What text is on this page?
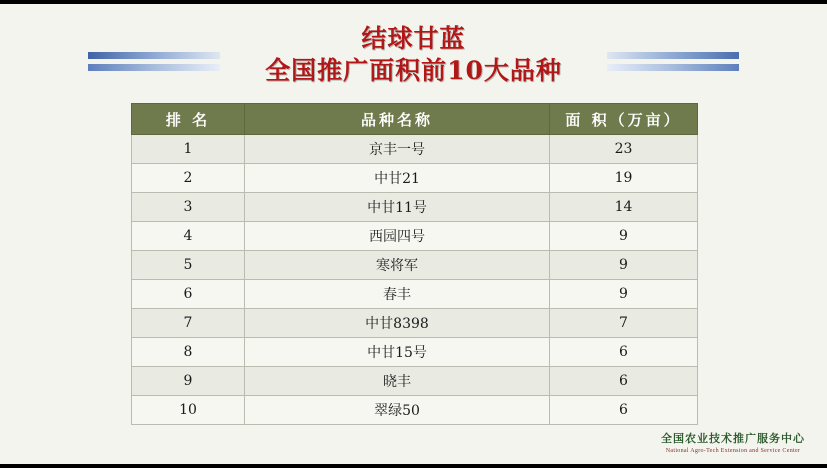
结球甘蓝
全国推广面积前10大品种
排 名	品种名称	面 积（万亩）
1	京丰一号	23
2	中甘21	19
3	中甘11号	14
4	西园四号	9
5	寒将军	9
6	春丰	9
7	中甘8398	7
8	中甘15号	6
9	晓丰	6
10	翠绿50	6
全国农业技术推广服务中心
National Agro-Tech Extension and Service Center
